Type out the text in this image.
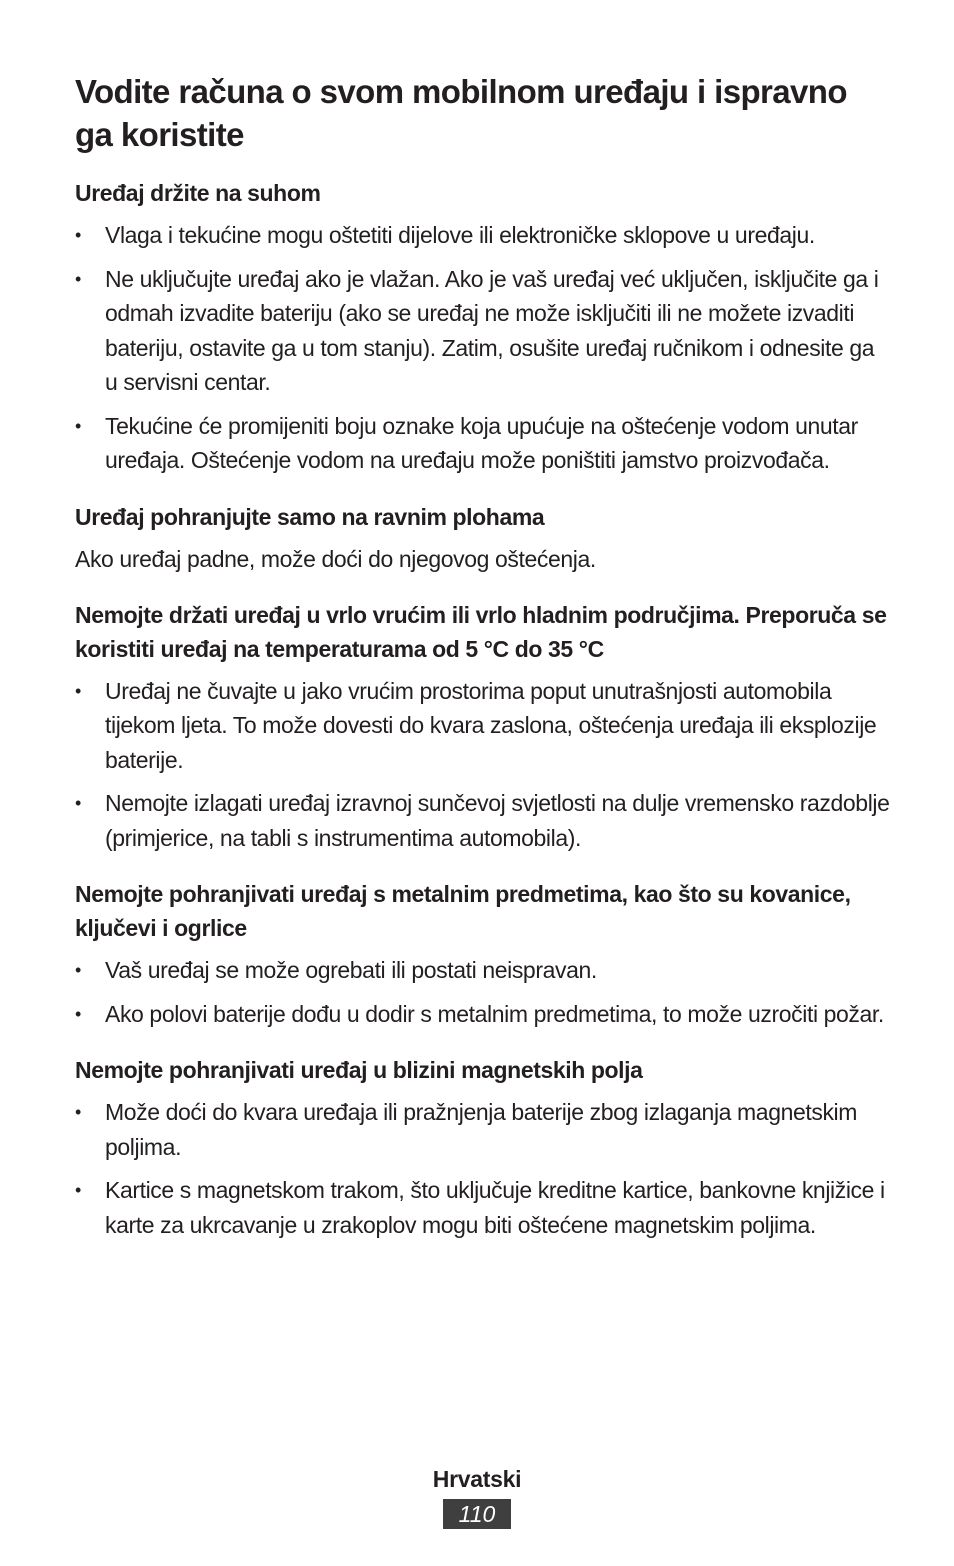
Vodite računa o svom mobilnom uređaju i ispravno ga koristite

Uređaj držite na suhom

•	Vlaga i tekućine mogu oštetiti dijelove ili elektroničke sklopove u uređaju.
•	Ne uključujte uređaj ako je vlažan. Ako je vaš uređaj već uključen, isključite ga i odmah izvadite bateriju (ako se uređaj ne može isključiti ili ne možete izvaditi bateriju, ostavite ga u tom stanju). Zatim, osušite uređaj ručnikom i odnesite ga u servisni centar.
•	Tekućine će promijeniti boju oznake koja upućuje na oštećenje vodom unutar uređaja. Oštećenje vodom na uređaju može poništiti jamstvo proizvođača.

Uređaj pohranjujte samo na ravnim plohama

Ako uređaj padne, može doći do njegovog oštećenja.

Nemojte držati uređaj u vrlo vrućim ili vrlo hladnim područjima. Preporuča se koristiti uređaj na temperaturama od 5 °C do 35 °C

•	Uređaj ne čuvajte u jako vrućim prostorima poput unutrašnjosti automobila tijekom ljeta. To može dovesti do kvara zaslona, oštećenja uređaja ili eksplozije baterije.
•	Nemojte izlagati uređaj izravnoj sunčevoj svjetlosti na dulje vremensko razdoblje (primjerice, na tabli s instrumentima automobila).

Nemojte pohranjivati uređaj s metalnim predmetima, kao što su kovanice, ključevi i ogrlice

•	Vaš uređaj se može ogrebati ili postati neispravan.
•	Ako polovi baterije dođu u dodir s metalnim predmetima, to može uzročiti požar.

Nemojte pohranjivati uređaj u blizini magnetskih polja

•	Može doći do kvara uređaja ili pražnjenja baterije zbog izlaganja magnetskim poljima.
•	Kartice s magnetskom trakom, što uključuje kreditne kartice, bankovne knjižice i karte za ukrcavanje u zrakoplov mogu biti oštećene magnetskim poljima.
Hrvatski
110
